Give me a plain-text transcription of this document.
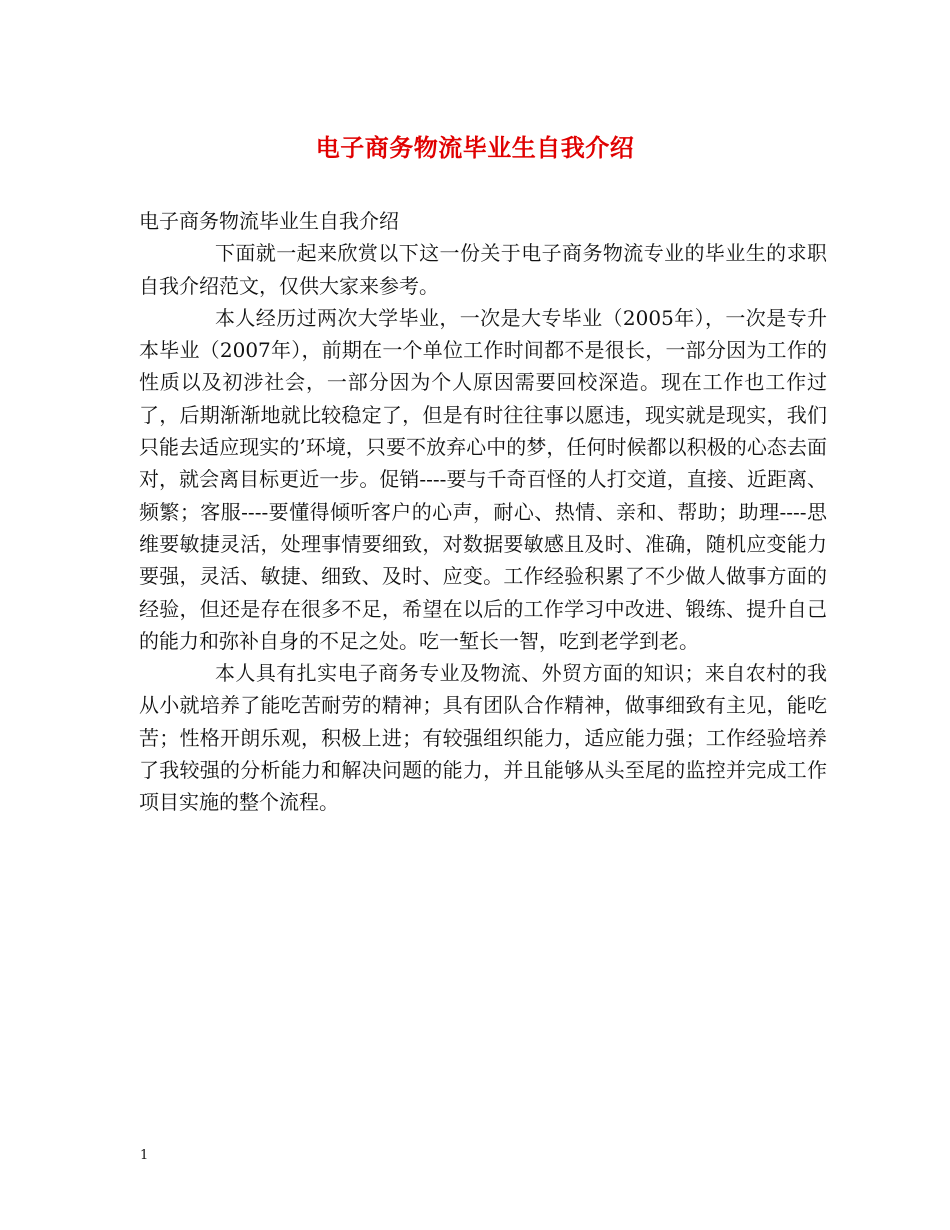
电子商务物流毕业生自我介绍

电子商务物流毕业生自我介绍

下面就一起来欣赏以下这一份关于电子商务物流专业的毕业生的求职自我介绍范文，仅供大家来参考。

本人经历过两次大学毕业，一次是大专毕业（2005年），一次是专升本毕业（2007年），前期在一个单位工作时间都不是很长，一部分因为工作的性质以及初涉社会，一部分因为个人原因需要回校深造。现在工作也工作过了，后期渐渐地就比较稳定了，但是有时往往事以愿违，现实就是现实，我们只能去适应现实的’环境，只要不放弃心中的梦，任何时候都以积极的心态去面对，就会离目标更近一步。促销----要与千奇百怪的人打交道，直接、近距离、频繁；客服----要懂得倾听客户的心声，耐心、热情、亲和、帮助；助理----思维要敏捷灵活，处理事情要细致，对数据要敏感且及时、准确，随机应变能力要强，灵活、敏捷、细致、及时、应变。工作经验积累了不少做人做事方面的经验，但还是存在很多不足，希望在以后的工作学习中改进、锻练、提升自己的能力和弥补自身的不足之处。吃一堑长一智，吃到老学到老。

本人具有扎实电子商务专业及物流、外贸方面的知识；来自农村的我从小就培养了能吃苦耐劳的精神；具有团队合作精神，做事细致有主见，能吃苦；性格开朗乐观，积极上进；有较强组织能力，适应能力强；工作经验培养了我较强的分析能力和解决问题的能力，并且能够从头至尾的监控并完成工作项目实施的整个流程。

1
